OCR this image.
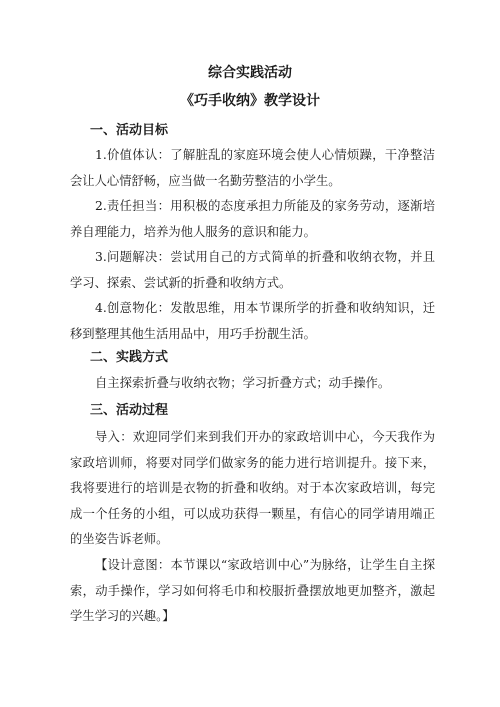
综合实践活动
《巧手收纳》教学设计
一、活动目标

1.价值体认：了解脏乱的家庭环境会使人心情烦躁，干净整洁会让人心情舒畅，应当做一名勤劳整洁的小学生。

2.责任担当：用积极的态度承担力所能及的家务劳动，逐渐培养自理能力，培养为他人服务的意识和能力。

3.问题解决：尝试用自己的方式简单的折叠和收纳衣物，并且学习、探索、尝试新的折叠和收纳方式。

4.创意物化：发散思维，用本节课所学的折叠和收纳知识，迁移到整理其他生活用品中，用巧手扮靓生活。

二、实践方式

自主探索折叠与收纳衣物；学习折叠方式；动手操作。

三、活动过程

导入：欢迎同学们来到我们开办的家政培训中心，今天我作为家政培训师，将要对同学们做家务的能力进行培训提升。接下来，我将要进行的培训是衣物的折叠和收纳。对于本次家政培训，每完成一个任务的小组，可以成功获得一颗星，有信心的同学请用端正的坐姿告诉老师。

【设计意图：本节课以“家政培训中心”为脉络，让学生自主探索，动手操作，学习如何将毛巾和校服折叠摆放地更加整齐，激起学生学习的兴趣。】
